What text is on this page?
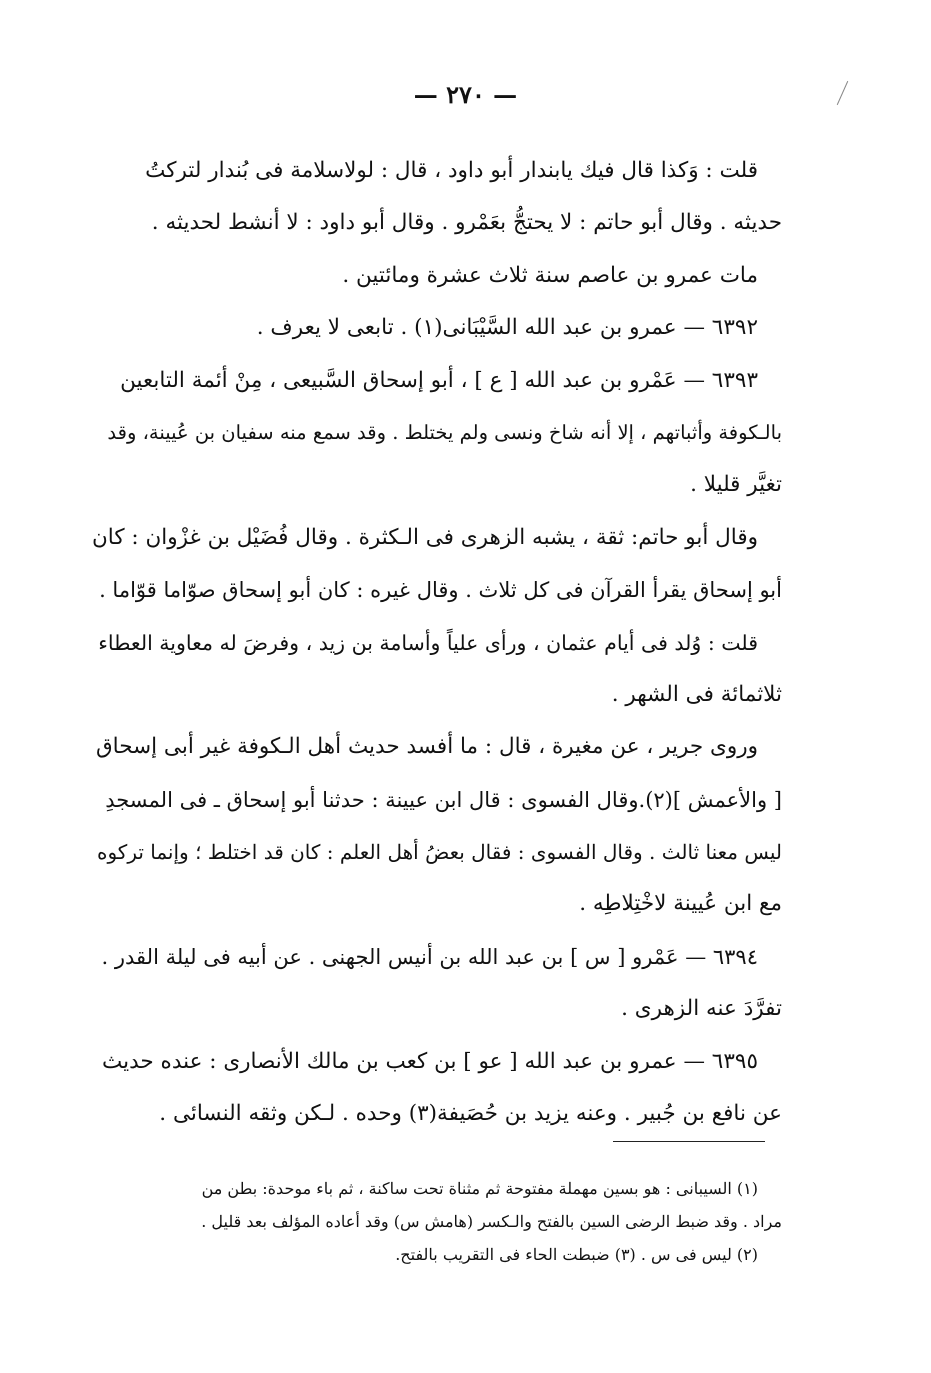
— ٢٧٠ —
قلت : وَكذا قال فيك يابندار أبو داود ، قال : لولاسلامة فى بُندار لتركتُ
حديثه . وقال أبو حاتم : لا يحتجُّ بعَمْرو . وقال أبو داود : لا أنشط لحديثه .
مات عمرو بن عاصم سنة ثلاث عشرة ومائتين .
٦٣٩٢ — عمرو بن عبد الله السَّيْبَانى(١) . تابعى لا يعرف .
٦٣٩٣ — عَمْرو بن عبد الله [ ع ] ، أبو إسحاق السَّبيعى ، مِنْ أئمة التابعين
بالـكوفة وأثباتهم ، إلا أنه شاخ ونسى ولم يختلط . وقد سمع منه سفيان بن عُيينة، وقد
تغيَّر قليلا .
وقال أبو حاتم: ثقة ، يشبه الزهرى فى الـكثرة . وقال فُضَيْل بن غزْوان : كان
أبو إسحاق يقرأ القرآن فى كل ثلاث . وقال غيره : كان أبو إسحاق صوّاما قوّاما .
قلت : وُلد فى أيام عثمان ، ورأى علياً وأسامة بن زيد ، وفرضَ له معاوية العطاء
ثلاثمائة فى الشهر .
وروى جرير ، عن مغيرة ، قال : ما أفسد حديث أهل الـكوفة غير أبى إسحاق
[ والأعمش ](٢).وقال الفسوى : قال ابن عيينة : حدثنا أبو إسحاق ـ فى المسجدِ
ليس معنا ثالث . وقال الفسوى : فقال بعضُ أهل العلم : كان قد اختلط ؛ وإنما تركوه
مع ابن عُيينة لاخْتِلاطِه .
٦٣٩٤ — عَمْرو [ س ] بن عبد الله بن أنيس الجهنى . عن أبيه فى ليلة القدر .
تفرَّدَ عنه الزهرى .
٦٣٩٥ — عمرو بن عبد الله [ عو ] بن كعب بن مالك الأنصارى : عنده حديث
عن نافع بن جُبير . وعنه يزيد بن حُصَيفة(٣) وحده . لـكن وثقه النسائى .
(١) السيبانى : هو بسين مهملة مفتوحة ثم مثناة تحت ساكنة ، ثم باء موحدة: بطن من
مراد . وقد ضبط الرضى السين بالفتح والـكسر (هامش س) وقد أعاده المؤلف بعد قليل .
(٢) ليس فى س . (٣) ضبطت الحاء فى التقريب بالفتح.
